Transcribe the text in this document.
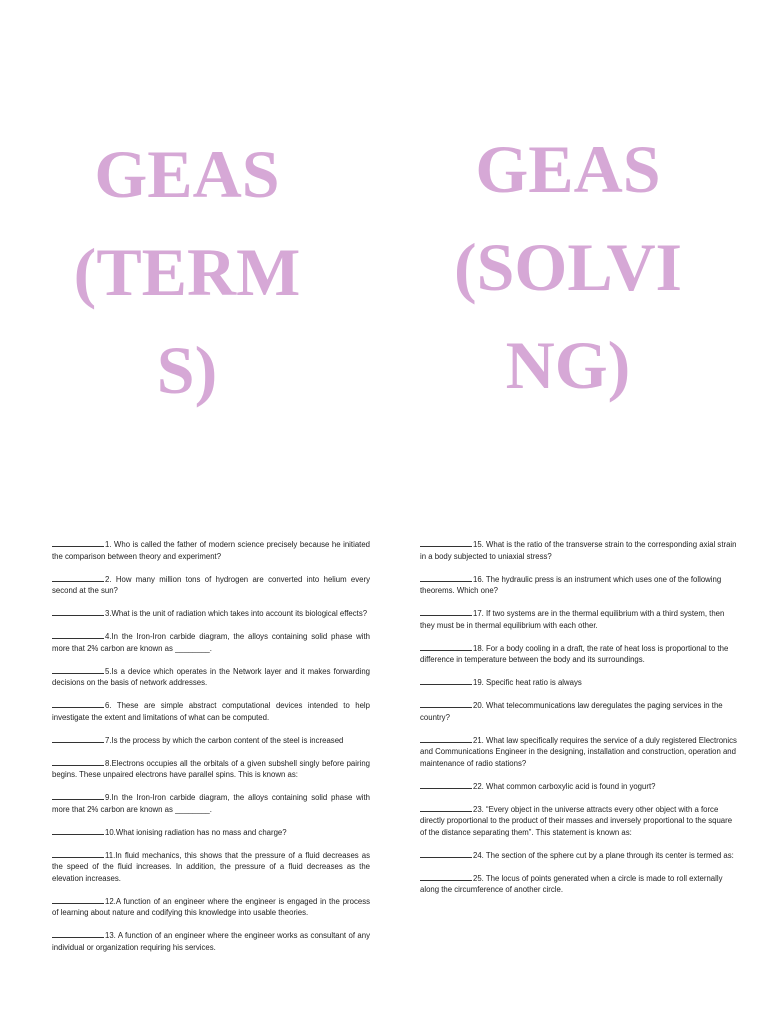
GEAS
(TERM
S)
GEAS
(SOLVI
NG)

1. Who is called the father of modern science precisely because he initiated the comparison between theory and experiment?

2. How many million tons of hydrogen are converted into helium every second at the sun?

3.What is the unit of radiation which takes into account its biological effects?

4.In the Iron-Iron carbide diagram, the alloys containing solid phase with more that 2% carbon are known as ________.

5.Is a device which operates in the Network layer and it makes forwarding decisions on the basis of network addresses.

6. These are simple abstract computational devices intended to help investigate the extent and limitations of what can be computed.

7.Is the process by which the carbon content of the steel is increased

8.Electrons occupies all the orbitals of a given subshell singly before pairing begins. These unpaired electrons have parallel spins. This is known as:

9.In the Iron-Iron carbide diagram, the alloys containing solid phase with more that 2% carbon are known as ________.

10.What ionising radiation has no mass and charge?

11.In fluid mechanics, this shows that the pressure of a fluid decreases as the speed of the fluid increases. In addition, the pressure of a fluid decreases as the elevation increases.

12.A function of an engineer where the engineer is engaged in the process of learning about nature and codifying this knowledge into usable theories.

13. A function of an engineer where the engineer works as consultant of any individual or organization requiring his services.

15. What is the ratio of the transverse strain to the corresponding axial strain in a body subjected to uniaxial stress?

16. The hydraulic press is an instrument which uses one of the following theorems. Which one?

17. If two systems are in the thermal equilibrium with a third system, then they must be in thermal equilibrium with each other.

18. For a body cooling in a draft, the rate of heat loss is proportional to the difference in temperature between the body and its surroundings.

19. Specific heat ratio is always

20. What telecommunications law deregulates the paging services in the country?

21. What law specifically requires the service of a duly registered Electronics and Communications Engineer in the designing, installation and construction, operation and maintenance of radio stations?

22. What common carboxylic acid is found in yogurt?

23. “Every object in the universe attracts every other object with a force directly proportional to the product of their masses and inversely proportional to the square of the distance separating them”. This statement is known as:

24. The section of the sphere cut by a plane through its center is termed as:

25. The locus of points generated when a circle is made to roll externally along the circumference of another circle.
